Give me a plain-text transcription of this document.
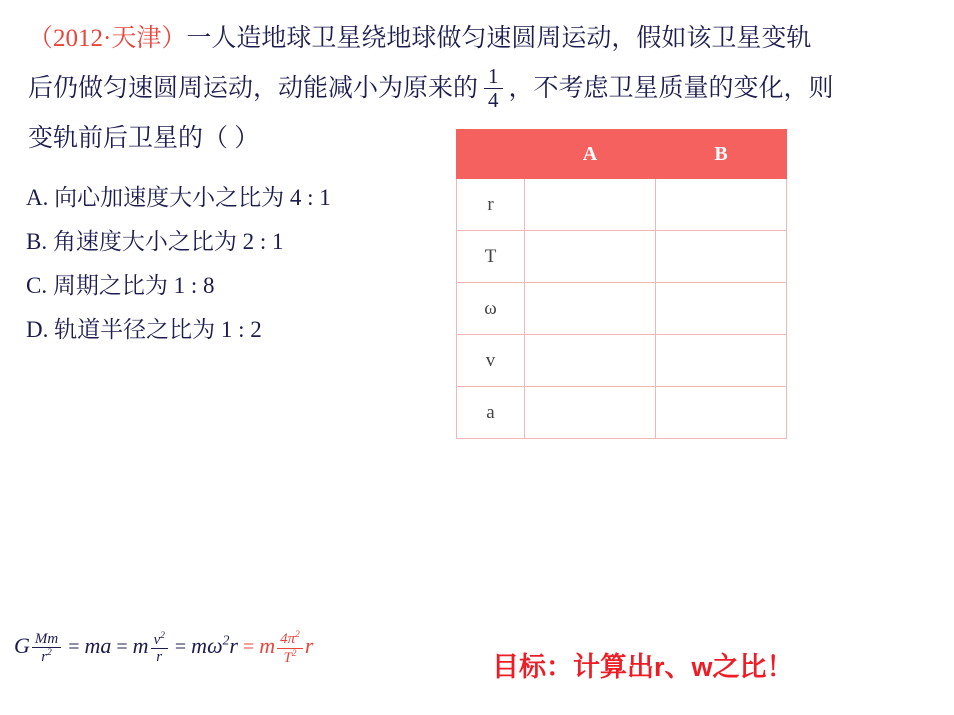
（2012·天津）一人造地球卫星绕地球做匀速圆周运动，假如该卫星变轨
后仍做匀速圆周运动，动能减小为原来的 $\frac{1}{4}$ ，不考虑卫星质量的变化，则
变轨前后卫星的（ ）
A. 向心加速度大小之比为 4 : 1
B. 角速度大小之比为 2 : 1
C. 周期之比为 1 : 8
D. 轨道半径之比为 1 : 2
	A	B
r		
T		
ω		
v		
a		
G $\frac{Mm}{r^2}$ = ma = m $\frac{v^2}{r} = m\omega^2r = m \frac{4\pi^2}{T^2}$ r
目标：计算出r、w之比！
